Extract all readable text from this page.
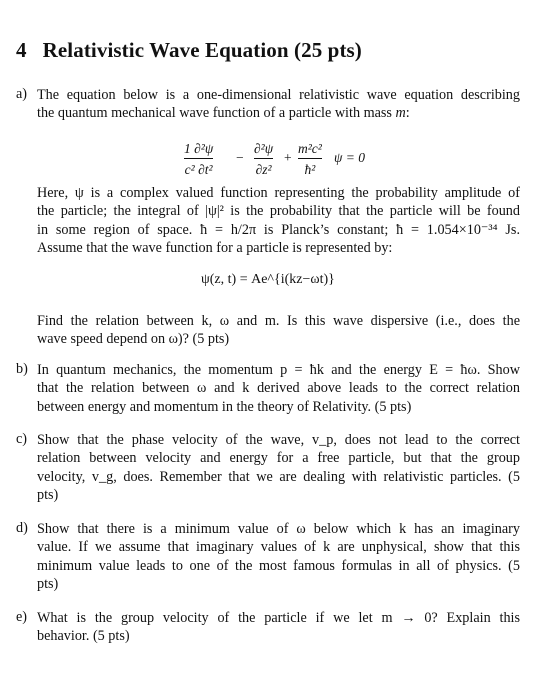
4 Relativistic Wave Equation (25 pts)
a) The equation below is a one-dimensional relativistic wave equation describing
the quantum mechanical wave function of a particle with mass m:
1 ∂²ψ
c² ∂t²
−
∂²ψ
∂z²
+
m²c²
ħ²
ψ = 0
Here, ψ is a complex valued function representing the probability amplitude of
the particle; the integral of |ψ|² is the probability that the particle will be found
in some region of space. ħ = h/2π is Planck’s constant; ħ = 1.054×10⁻³⁴ Js.
Assume that the wave function for a particle is represented by:
ψ(z, t) = Ae^{i(kz−ωt)}
Find the relation between k, ω and m. Is this wave dispersive (i.e., does the
wave speed depend on ω)? (5 pts)
b) In quantum mechanics, the momentum p = ħk and the energy E = ħω. Show
that the relation between ω and k derived above leads to the correct relation
between energy and momentum in the theory of Relativity. (5 pts)
c) Show that the phase velocity of the wave, v_p, does not lead to the correct
relation between velocity and energy for a free particle, but that the group
velocity, v_g, does. Remember that we are dealing with relativistic particles. (5
pts)
d) Show that there is a minimum value of ω below which k has an imaginary
value. If we assume that imaginary values of k are unphysical, show that this
minimum value leads to one of the most famous formulas in all of physics. (5
pts)
e) What is the group velocity of the particle if we let m → 0? Explain this
behavior. (5 pts)
